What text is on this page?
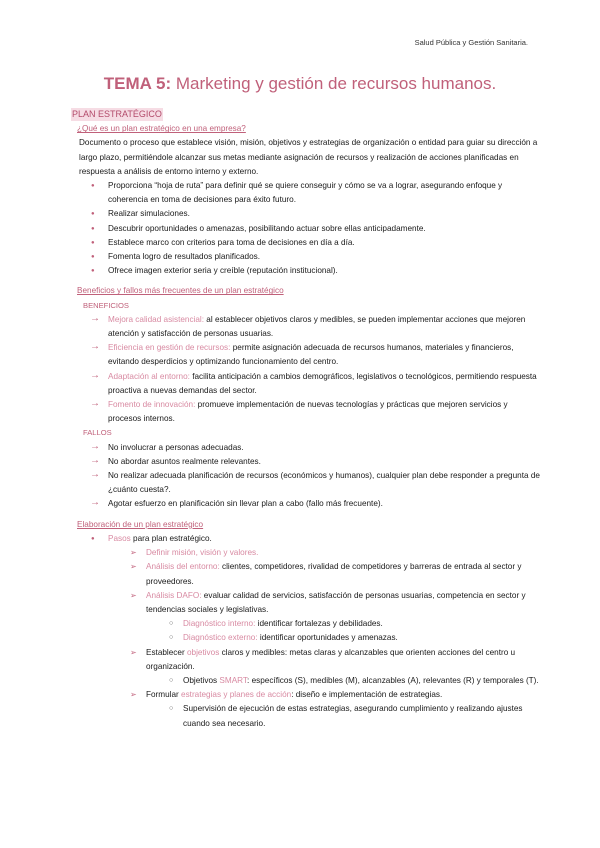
Salud Pública y Gestión Sanitaria.
TEMA 5: Marketing y gestión de recursos humanos.
PLAN ESTRATÉGICO
¿Qué es un plan estratégico en una empresa?
Documento o proceso que establece visión, misión, objetivos y estrategias de organización o entidad para guiar su dirección a largo plazo, permitiéndole alcanzar sus metas mediante asignación de recursos y realización de acciones planificadas en respuesta a análisis de entorno interno y externo.
● Proporciona “hoja de ruta” para definir qué se quiere conseguir y cómo se va a lograr, asegurando enfoque y coherencia en toma de decisiones para éxito futuro.
● Realizar simulaciones.
● Descubrir oportunidades o amenazas, posibilitando actuar sobre ellas anticipadamente.
● Establece marco con criterios para toma de decisiones en día a día.
● Fomenta logro de resultados planificados.
● Ofrece imagen exterior seria y creíble (reputación institucional).
Beneficios y fallos más frecuentes de un plan estratégico
BENEFICIOS
→ Mejora calidad asistencial: al establecer objetivos claros y medibles, se pueden implementar acciones que mejoren atención y satisfacción de personas usuarias.
→ Eficiencia en gestión de recursos: permite asignación adecuada de recursos humanos, materiales y financieros, evitando desperdicios y optimizando funcionamiento del centro.
→ Adaptación al entorno: facilita anticipación a cambios demográficos, legislativos o tecnológicos, permitiendo respuesta proactiva a nuevas demandas del sector.
→ Fomento de innovación: promueve implementación de nuevas tecnologías y prácticas que mejoren servicios y procesos internos.
FALLOS
→ No involucrar a personas adecuadas.
→ No abordar asuntos realmente relevantes.
→ No realizar adecuada planificación de recursos (económicos y humanos), cualquier plan debe responder a pregunta de ¿cuánto cuesta?.
→ Agotar esfuerzo en planificación sin llevar plan a cabo (fallo más frecuente).
Elaboración de un plan estratégico
● Pasos para plan estratégico.
➢ Definir misión, visión y valores.
➢ Análisis del entorno: clientes, competidores, rivalidad de competidores y barreras de entrada al sector y proveedores.
➢ Análisis DAFO: evaluar calidad de servicios, satisfacción de personas usuarias, competencia en sector y tendencias sociales y legislativas.
○ Diagnóstico interno: identificar fortalezas y debilidades.
○ Diagnóstico externo: identificar oportunidades y amenazas.
➢ Establecer objetivos claros y medibles: metas claras y alcanzables que orienten acciones del centro u organización.
○ Objetivos SMART: específicos (S), medibles (M), alcanzables (A), relevantes (R) y temporales (T).
➢ Formular estrategias y planes de acción: diseño e implementación de estrategias.
○ Supervisión de ejecución de estas estrategias, asegurando cumplimiento y realizando ajustes cuando sea necesario.
